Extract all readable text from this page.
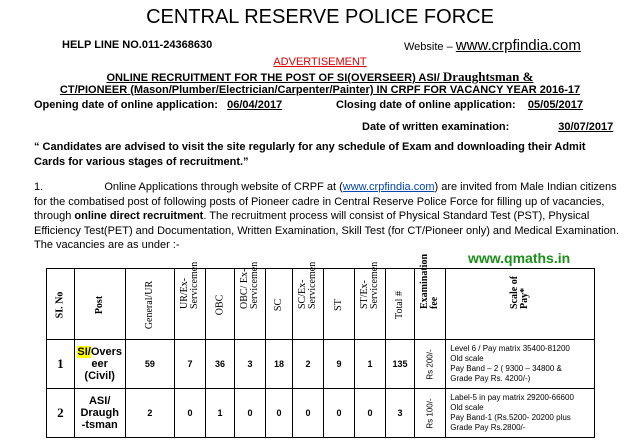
CENTRAL RESERVE POLICE FORCE
HELP LINE NO.011-24368630	Website – www.crpfindia.com
ADVERTISEMENT
ONLINE RECRUITMENT FOR THE POST OF SI(OVERSEER) ASI/ Draughtsman &
CT/PIONEER (Mason/Plumber/Electrician/Carpenter/Painter) IN CRPF FOR VACANCY YEAR 2016-17
Opening date of online application: 06/04/2017	Closing date of online application: 05/05/2017
Date of written examination:	30/07/2017
“ Candidates are advised to visit the site regularly for any schedule of Exam and downloading their Admit Cards for various stages of recruitment.”
1.	Online Applications through website of CRPF at (www.crpfindia.com) are invited from Male Indian citizens for the combatised post of following posts of Pioneer cadre in Central Reserve Police Force for filling up of vacancies, through online direct recruitment. The recruitment process will consist of Physical Standard Test (PST), Physical Efficiency Test(PET) and Documentation, Written Examination, Skill Test (for CT/Pioneer only) and Medical Examination. The vacancies are as under :-
www.qmaths.in
SI. No	Post	General/UR	UR/Ex-
Servicemen	OBC	OBC/ Ex-
Servicemen	SC	SC/Ex-
Servicemen	ST	ST/Ex-
Servicemen	Total #	Examination
fee	Scale of
Pay*
1	SI/Overs
eer
(Civil)	59	7	36	3	18	2	9	1	135	Rs 200/-	Level 6 / Pay matrix 35400-81200
Old scale
Pay Band – 2 ( 9300 – 34800 &
Grade Pay Rs. 4200/-)
2	ASI/
Draugh
-tsman	2	0	1	0	0	0	0	0	3	Rs 100/-	Label-5 in pay matrix 29200-66600
Old scale
Pay Band-1 (Rs.5200- 20200 plus
Grade Pay Rs.2800/-
